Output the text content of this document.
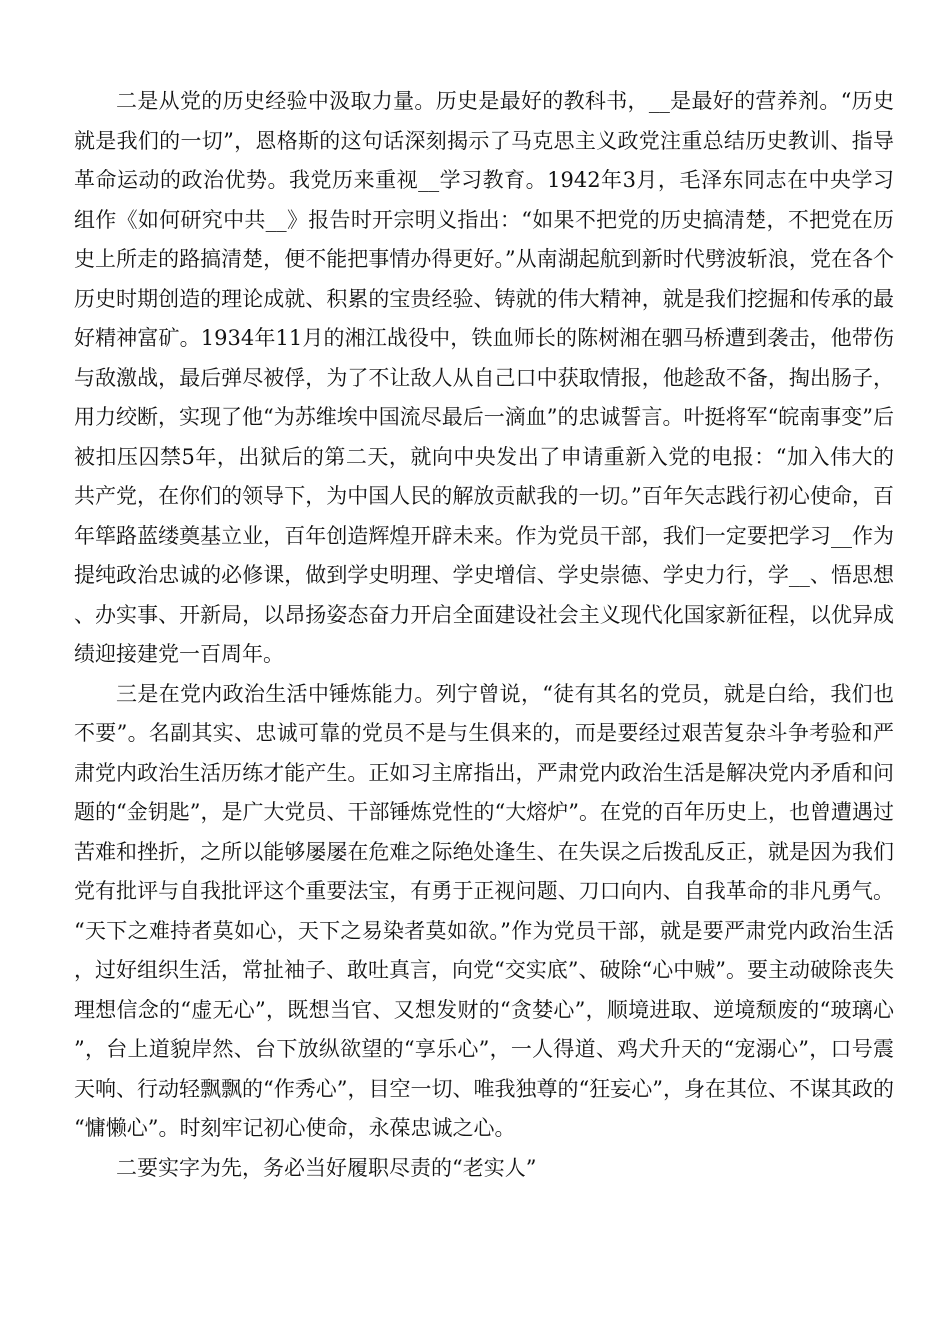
二是从党的历史经验中汲取力量。历史是最好的教科书，__是最好的营养剂。“历史就是我们的一切”，恩格斯的这句话深刻揭示了马克思主义政党注重总结历史教训、指导革命运动的政治优势。我党历来重视__学习教育。1942年3月，毛泽东同志在中央学习组作《如何研究中共__》报告时开宗明义指出：“如果不把党的历史搞清楚，不把党在历史上所走的路搞清楚，便不能把事情办得更好。”从南湖起航到新时代劈波斩浪，党在各个历史时期创造的理论成就、积累的宝贵经验、铸就的伟大精神，就是我们挖掘和传承的最好精神富矿。1934年11月的湘江战役中，铁血师长的陈树湘在驷马桥遭到袭击，他带伤与敌激战，最后弹尽被俘，为了不让敌人从自己口中获取情报，他趁敌不备，掏出肠子，用力绞断，实现了他“为苏维埃中国流尽最后一滴血”的忠诚誓言。叶挺将军“皖南事变”后被扣压囚禁5年，出狱后的第二天，就向中央发出了申请重新入党的电报：“加入伟大的共产党，在你们的领导下，为中国人民的解放贡献我的一切。”百年矢志践行初心使命，百年筚路蓝缕奠基立业，百年创造辉煌开辟未来。作为党员干部，我们一定要把学习__作为提纯政治忠诚的必修课，做到学史明理、学史增信、学史崇德、学史力行，学__、悟思想、办实事、开新局，以昂扬姿态奋力开启全面建设社会主义现代化国家新征程，以优异成绩迎接建党一百周年。

三是在党内政治生活中锤炼能力。列宁曾说，“徒有其名的党员，就是白给，我们也不要”。名副其实、忠诚可靠的党员不是与生俱来的，而是要经过艰苦复杂斗争考验和严肃党内政治生活历练才能产生。正如习主席指出，严肃党内政治生活是解决党内矛盾和问题的“金钥匙”，是广大党员、干部锤炼党性的“大熔炉”。在党的百年历史上，也曾遭遇过苦难和挫折，之所以能够屡屡在危难之际绝处逢生、在失误之后拨乱反正，就是因为我们党有批评与自我批评这个重要法宝，有勇于正视问题、刀口向内、自我革命的非凡勇气。“天下之难持者莫如心，天下之易染者莫如欲。”作为党员干部，就是要严肃党内政治生活，过好组织生活，常扯袖子、敢吐真言，向党“交实底”、破除“心中贼”。要主动破除丧失理想信念的“虚无心”，既想当官、又想发财的“贪婪心”，顺境进取、逆境颓废的“玻璃心”，台上道貌岸然、台下放纵欲望的“享乐心”，一人得道、鸡犬升天的“宠溺心”，口号震天响、行动轻飘飘的“作秀心”，目空一切、唯我独尊的“狂妄心”，身在其位、不谋其政的“慵懒心”。时刻牢记初心使命，永葆忠诚之心。

二要实字为先，务必当好履职尽责的“老实人”
